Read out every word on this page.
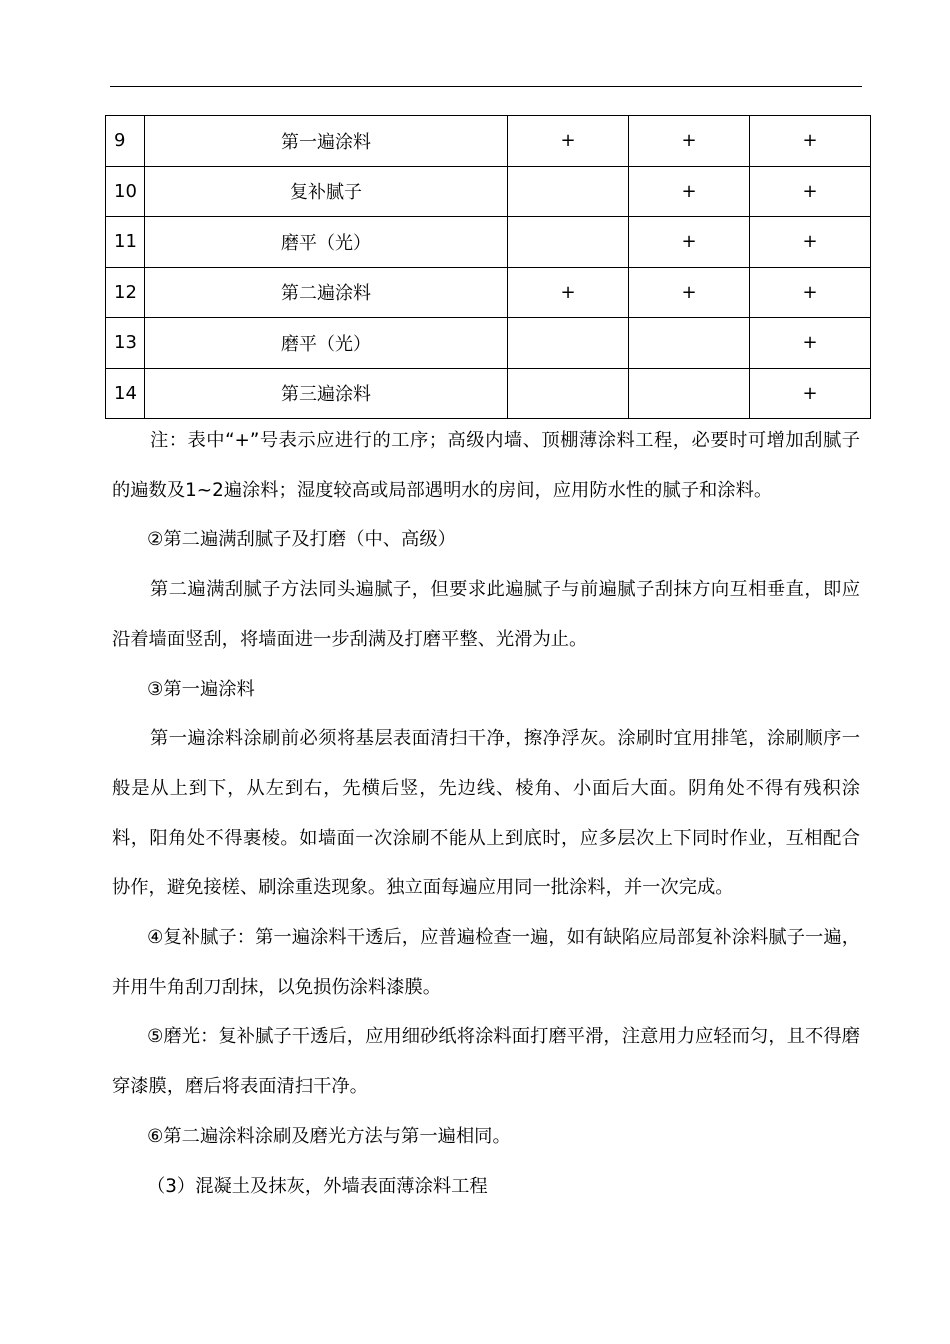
9	第一遍涂料	+	+	+
10	复补腻子		+	+
11	磨平（光）		+	+
12	第二遍涂料	+	+	+
13	磨平（光）			+
14	第三遍涂料			+

注：表中“+”号表示应进行的工序；高级内墙、顶棚薄涂料工程，必要时可增加刮腻子的遍数及1~2遍涂料；湿度较高或局部遇明水的房间，应用防水性的腻子和涂料。

②第二遍满刮腻子及打磨（中、高级）

第二遍满刮腻子方法同头遍腻子，但要求此遍腻子与前遍腻子刮抹方向互相垂直，即应沿着墙面竖刮，将墙面进一步刮满及打磨平整、光滑为止。

③第一遍涂料

第一遍涂料涂刷前必须将基层表面清扫干净，擦净浮灰。涂刷时宜用排笔，涂刷顺序一般是从上到下，从左到右，先横后竖，先边线、棱角、小面后大面。阴角处不得有残积涂料，阳角处不得裹棱。如墙面一次涂刷不能从上到底时，应多层次上下同时作业，互相配合协作，避免接槎、刷涂重迭现象。独立面每遍应用同一批涂料，并一次完成。

④复补腻子：第一遍涂料干透后，应普遍检查一遍，如有缺陷应局部复补涂料腻子一遍，并用牛角刮刀刮抹，以免损伤涂料漆膜。

⑤磨光：复补腻子干透后，应用细砂纸将涂料面打磨平滑，注意用力应轻而匀，且不得磨穿漆膜，磨后将表面清扫干净。

⑥第二遍涂料涂刷及磨光方法与第一遍相同。

（3）混凝土及抹灰，外墙表面薄涂料工程
